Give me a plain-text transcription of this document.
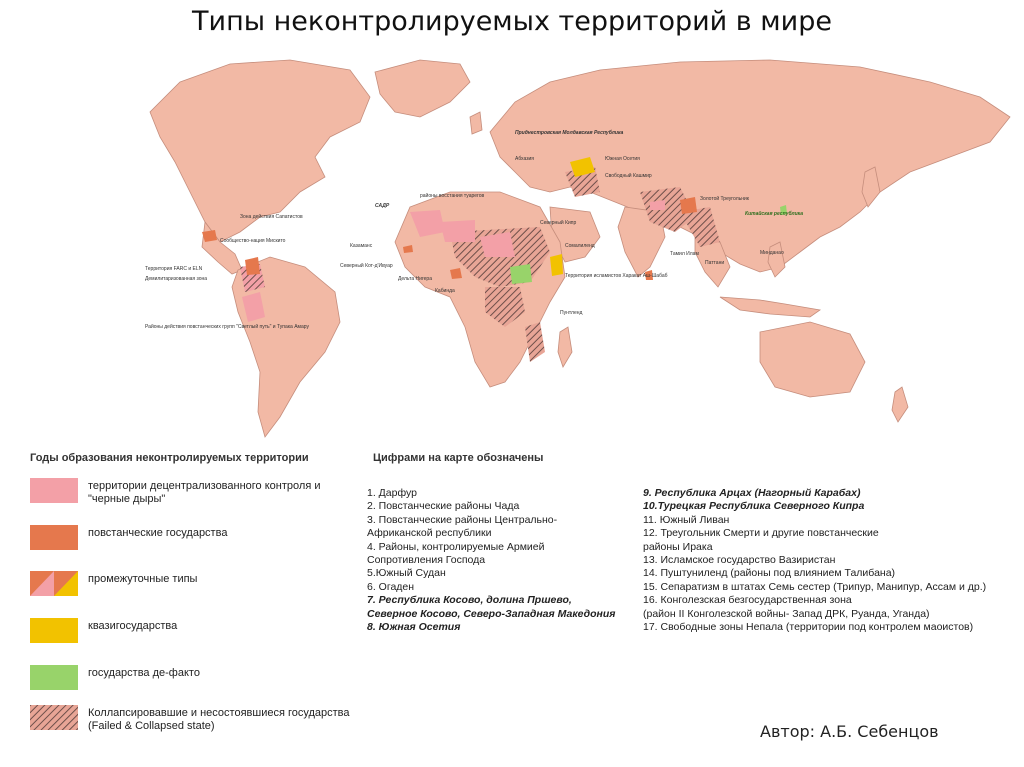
Типы неконтролируемых территорий в мире
Приднестровская Молдавская Республика
Абхазия	Южная Осетия
Свободный Кашмир
Золотой Треугольник
Китайская республика
САДР
районы восстания туарегов
Северный Кипр
Сомалиленд
Территория исламистов Харакат Аш-Шабаб
Тамил Илам
Паттани
Минданао
Казаманс
Северный Кот-д'Ивуар
Дельта Нигера
Кабинда
Пунтленд
Зона действия Сапатистов
Сообщество-нация Мискито
Территория FARC и ELN
Демилитаризованная зона
Районы действия повстанческих групп "Светлый путь" и Тупака Амару
Годы образования неконтролируемых территории
территории децентрализованного контроля и "черные дыры"
повстанческие государства
промежуточные типы
квазигосударства
государства де-факто
Коллапсировавшие и несостоявшиеся государства (Failed & Collapsed state)
Цифрами на карте обозначены
1. Дарфур
2. Повстанческие районы Чада
3. Повстанческие районы Центрально-
Африканской республики
4. Районы, контролируемые Армией
Сопротивления Господа
5.Южный Судан
6. Огаден
7. Республика Косово, долина Пршево,
Северное Косово, Северо-Западная Македония
8. Южная Осетия
9. Республика Арцах (Нагорный Карабах)
10.Турецкая Республика Северного Кипра
11. Южный Ливан
12. Треугольник Смерти и другие повстанческие
районы Ирака
13. Исламское государство Вазиристан
14. Пуштуниленд (районы под влиянием Талибана)
15. Сепаратизм в штатах Семь сестер (Трипур, Манипур, Ассам и др.)
16. Конголезская безгосударственная зона
(район II Конголезской войны- Запад ДРК, Руанда, Уганда)
17. Свободные зоны Непала (территории под контролем маоистов)
Автор: А.Б. Себенцов
